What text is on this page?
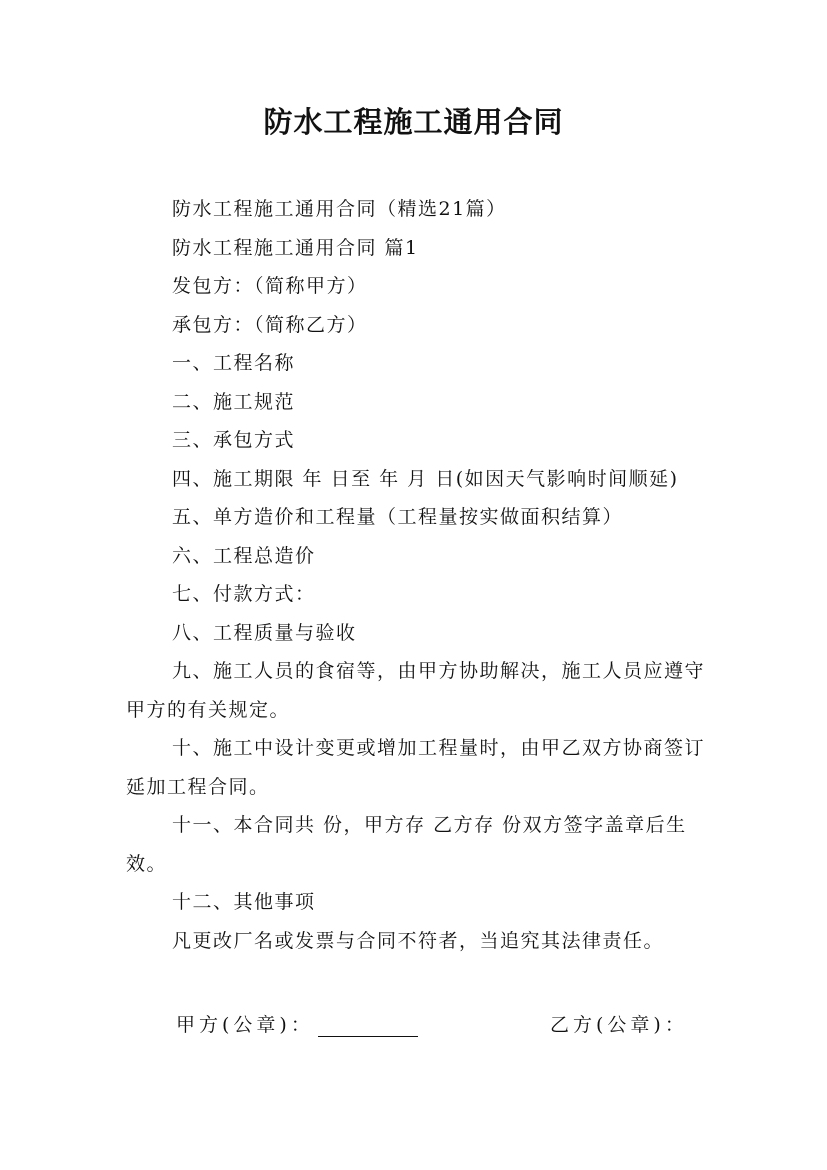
防水工程施工通用合同

防水工程施工通用合同（精选21篇）

防水工程施工通用合同 篇1

发包方：（简称甲方）

承包方：（简称乙方）

一、工程名称

二、施工规范

三、承包方式

四、施工期限 年 日至 年 月 日(如因天气影响时间顺延)

五、单方造价和工程量（工程量按实做面积结算）

六、工程总造价

七、付款方式：

八、工程质量与验收

九、施工人员的食宿等，由甲方协助解决，施工人员应遵守甲方的有关规定。

十、施工中设计变更或增加工程量时，由甲乙双方协商签订延加工程合同。

十一、本合同共 份，甲方存 乙方存 份双方签字盖章后生效。

十二、其他事项

凡更改厂名或发票与合同不符者，当追究其法律责任。

甲方(公章)：	乙方(公章)：
